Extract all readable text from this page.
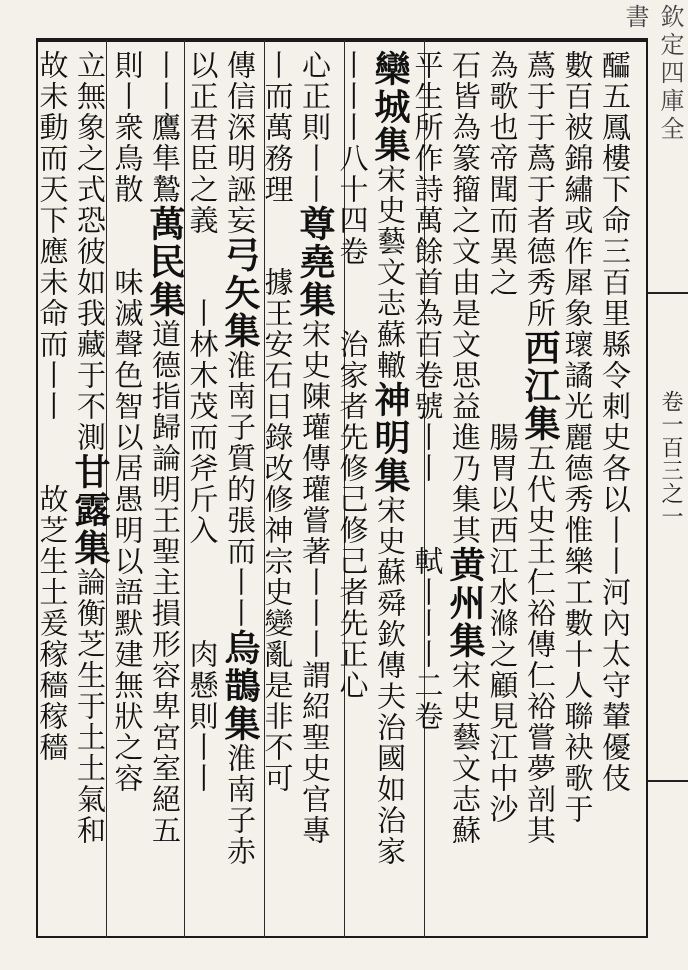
欽定四庫全書
卷一百三之一
醽五鳳樓下命三百里縣令刺史各以丨丨河內太守輦優伎
數百被錦繡或作犀象瓌譎光麗德秀惟樂工數十人聯袂歌于
蔿于于蔿于者德秀所西江集五代史王仁裕傳仁裕嘗夢剖其
為歌也帝聞而異之　　　　腸胃以西江水滌之顧見江中沙
石皆為篆籀之文由是文思益進乃集其黄州集宋史藝文志蘇
平生所作詩萬餘首為百卷號丨丨　　軾丨丨丨二卷
欒城集宋史藝文志蘇轍神明集宋史蘇舜欽傳夫治國如治家
丨丨丨八十四卷　　治家者先修己修己者先正心
心正則丨丨尊堯集宋史陳瓘傳瓘嘗著丨丨丨謂紹聖史官專
丨而萬務理　　據王安石日錄改修神宗史變亂是非不可
傳信深明誣妄弓矢集淮南子質的張而丨丨烏鵲集淮南子赤
以正君臣之義　　丨林木茂而斧斤入　　　肉懸則丨丨
丨丨鷹隼鷙萬民集道德指歸論明王聖主損形容卑宮室絕五
則丨衆鳥散　　味滅聲色智以居愚明以語默建無狀之容
立無象之式恐彼如我藏于不測甘露集論衡芝生于土土氣和
故未動而天下應未命而丨丨　　故芝生土爰稼穡稼穡
